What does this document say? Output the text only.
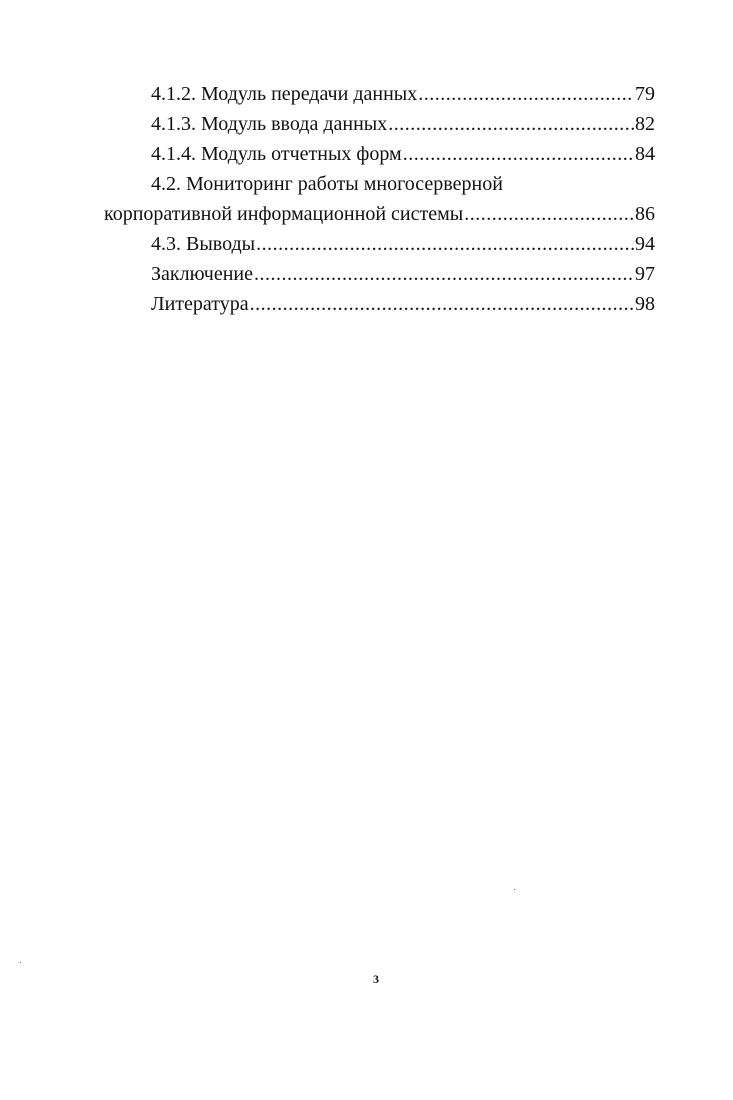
4.1.2. Модуль передачи данных .....	79
4.1.3. Модуль ввода данных .....	82
4.1.4. Модуль отчетных форм .....	84
4.2. Мониторинг работы многосерверной
корпоративной информационной системы .....	86
4.3. Выводы .....	94
Заключение .....	97
Литература .....	98
3
